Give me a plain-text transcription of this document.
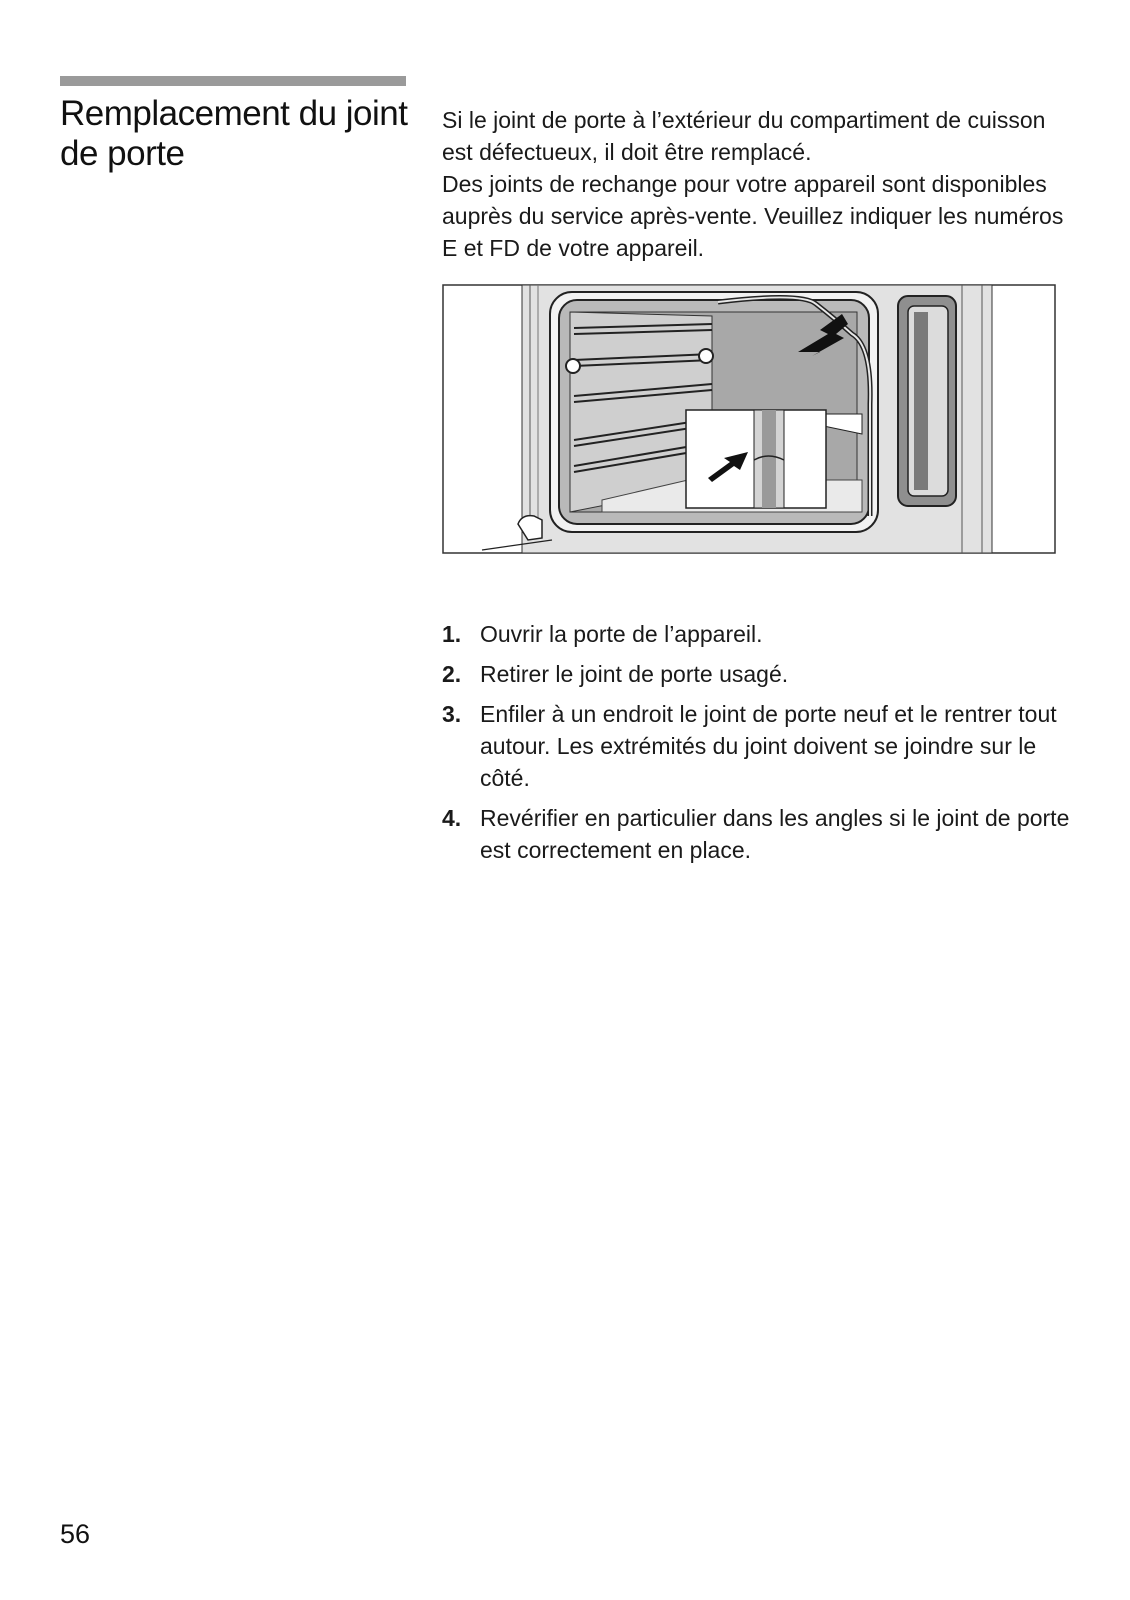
Remplacement du joint de porte

Si le joint de porte à l’extérieur du compartiment de cuisson est défectueux, il doit être remplacé.

Des joints de rechange pour votre appareil sont disponibles auprès du service après-vente. Veuillez indiquer les numéros E et FD de votre appareil.

1. Ouvrir la porte de l’appareil.
2. Retirer le joint de porte usagé.
3. Enfiler à un endroit le joint de porte neuf et le rentrer tout autour. Les extrémités du joint doivent se joindre sur le côté.
4. Revérifier en particulier dans les angles si le joint de porte est correctement en place.
56
